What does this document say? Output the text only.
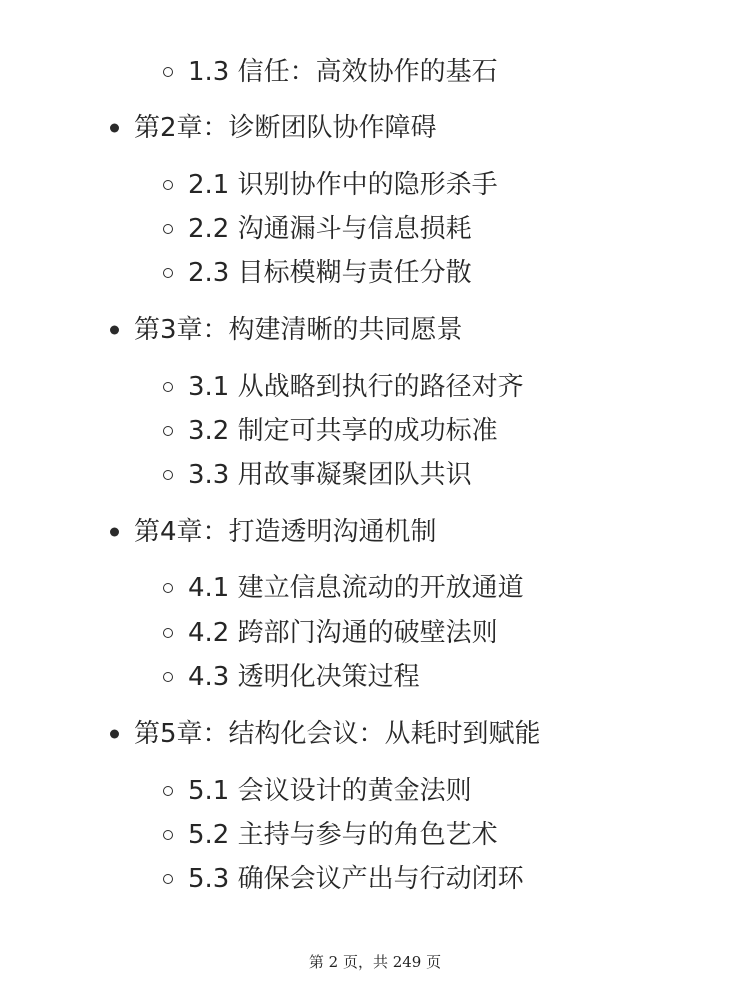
1.3 信任：高效协作的基石
第2章：诊断团队协作障碍
2.1 识别协作中的隐形杀手
2.2 沟通漏斗与信息损耗
2.3 目标模糊与责任分散
第3章：构建清晰的共同愿景
3.1 从战略到执行的路径对齐
3.2 制定可共享的成功标准
3.3 用故事凝聚团队共识
第4章：打造透明沟通机制
4.1 建立信息流动的开放通道
4.2 跨部门沟通的破壁法则
4.3 透明化决策过程
第5章：结构化会议：从耗时到赋能
5.1 会议设计的黄金法则
5.2 主持与参与的角色艺术
5.3 确保会议产出与行动闭环
第 2 页，共 249 页
